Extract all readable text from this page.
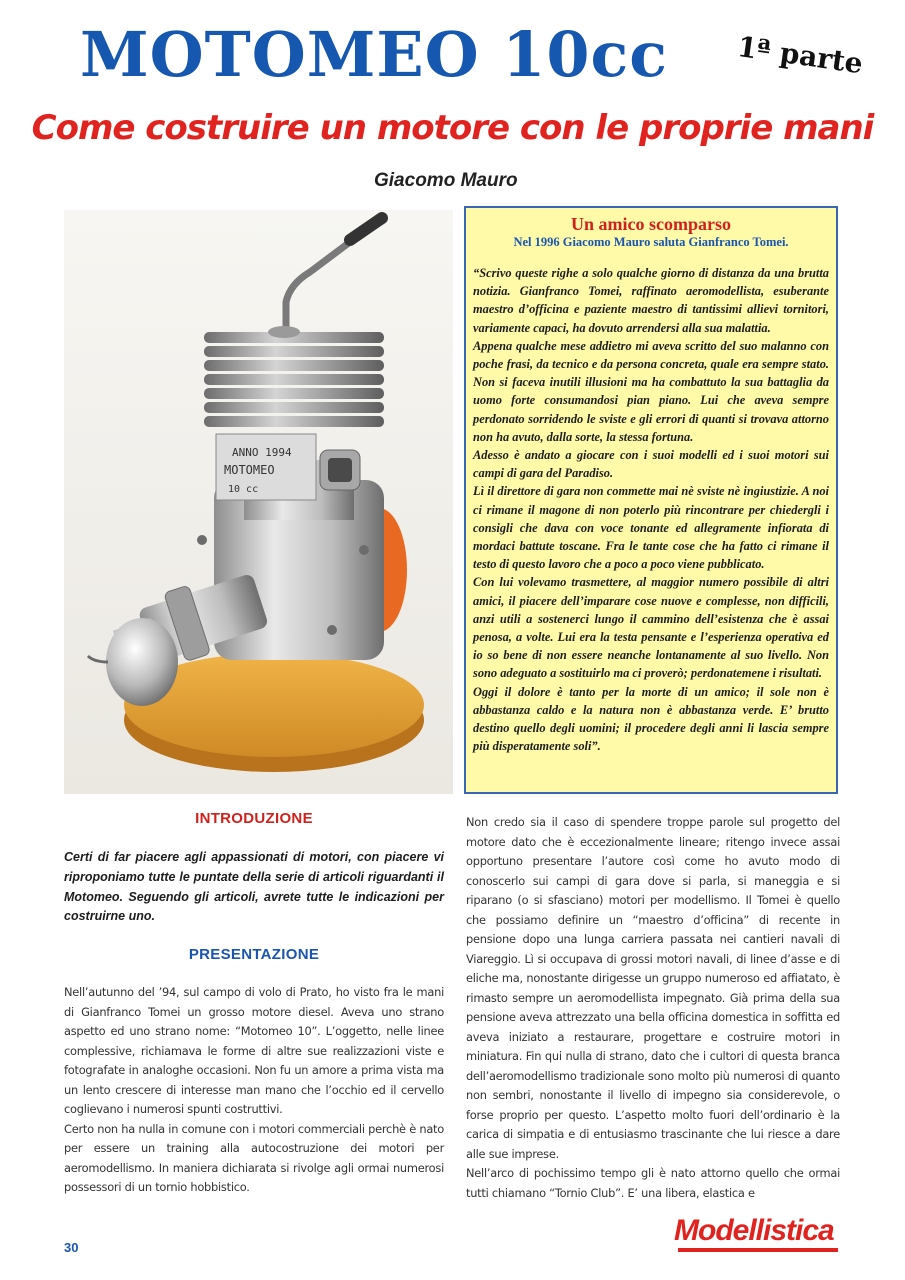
MOTOMEO 10cc 1ª parte
Come costruire un motore con le proprie mani
Giacomo Mauro
ANNO 1994
MOTOMEO
10 cc
Un amico scomparso
Nel 1996 Giacomo Mauro saluta Gianfranco Tomei.

“Scrivo queste righe a solo qualche giorno di distanza da una brutta notizia. Gianfranco Tomei, raffinato aeromodellista, esuberante maestro d’officina e paziente maestro di tantissimi allievi tornitori, variamente capaci, ha dovuto arrendersi alla sua malattia.

Appena qualche mese addietro mi aveva scritto del suo malanno con poche frasi, da tecnico e da persona concreta, quale era sempre stato. Non si faceva inutili illusioni ma ha combattuto la sua battaglia da uomo forte consumandosi pian piano. Lui che aveva sempre perdonato sorridendo le sviste e gli errori di quanti si trovava attorno non ha avuto, dalla sorte, la stessa fortuna.

Adesso è andato a giocare con i suoi modelli ed i suoi motori sui campi di gara del Paradiso.

Lì il direttore di gara non commette mai nè sviste nè ingiustizie. A noi ci rimane il magone di non poterlo più rincontrare per chiedergli i consigli che dava con voce tonante ed allegramente infiorata di mordaci battute toscane. Fra le tante cose che ha fatto ci rimane il testo di questo lavoro che a poco a poco viene pubblicato.

Con lui volevamo trasmettere, al maggior numero possibile di altri amici, il piacere dell’imparare cose nuove e complesse, non difficili, anzi utili a sostenerci lungo il cammino dell’esistenza che è assai penosa, a volte. Lui era la testa pensante e l’esperienza operativa ed io so bene di non essere neanche lontanamente al suo livello. Non sono adeguato a sostituirlo ma ci proverò; perdonatemene i risultati.

Oggi il dolore è tanto per la morte di un amico; il sole non è abbastanza caldo e la natura non è abbastanza verde. E’ brutto destino quello degli uomini; il procedere degli anni li lascia sempre più disperatamente soli”.

INTRODUZIONE

Certi di far piacere agli appassionati di motori, con piacere vi riproponiamo tutte le puntate della serie di articoli riguardanti il Motomeo. Seguendo gli articoli, avrete tutte le indicazioni per costruirne uno.

PRESENTAZIONE

Nell’autunno del ’94, sul campo di volo di Prato, ho visto fra le mani di Gianfranco Tomei un grosso motore diesel. Aveva uno strano aspetto ed uno strano nome: “Motomeo 10”. L’oggetto, nelle linee complessive, richiamava le forme di altre sue realizzazioni viste e fotografate in analoghe occasioni. Non fu un amore a prima vista ma un lento crescere di interesse man mano che l’occhio ed il cervello coglievano i numerosi spunti costruttivi.

Certo non ha nulla in comune con i motori commerciali perchè è nato per essere un training alla autocostruzione dei motori per aeromodellismo. In maniera dichiarata si rivolge agli ormai numerosi possessori di un tornio hobbistico.

Non credo sia il caso di spendere troppe parole sul progetto del motore dato che è eccezionalmente lineare; ritengo invece assai opportuno presentare l’autore così come ho avuto modo di conoscerlo sui campi di gara dove si parla, si maneggia e si riparano (o si sfasciano) motori per modellismo. Il Tomei è quello che possiamo definire un “maestro d’officina” di recente in pensione dopo una lunga carriera passata nei cantieri navali di Viareggio. Lì si occupava di grossi motori navali, di linee d’asse e di eliche ma, nonostante dirigesse un gruppo numeroso ed affiatato, è rimasto sempre un aeromodellista impegnato. Già prima della sua pensione aveva attrezzato una bella officina domestica in soffitta ed aveva iniziato a restaurare, progettare e costruire motori in miniatura. Fin qui nulla di strano, dato che i cultori di questa branca dell’aeromodellismo tradizionale sono molto più numerosi di quanto non sembri, nonostante il livello di impegno sia considerevole, o forse proprio per questo. L’aspetto molto fuori dell’ordinario è la carica di simpatia e di entusiasmo trascinante che lui riesce a dare alle sue imprese.

Nell’arco di pochissimo tempo gli è nato attorno quello che ormai tutti chiamano “Tornio Club”. E’ una libera, elastica e

30
Modellistica
